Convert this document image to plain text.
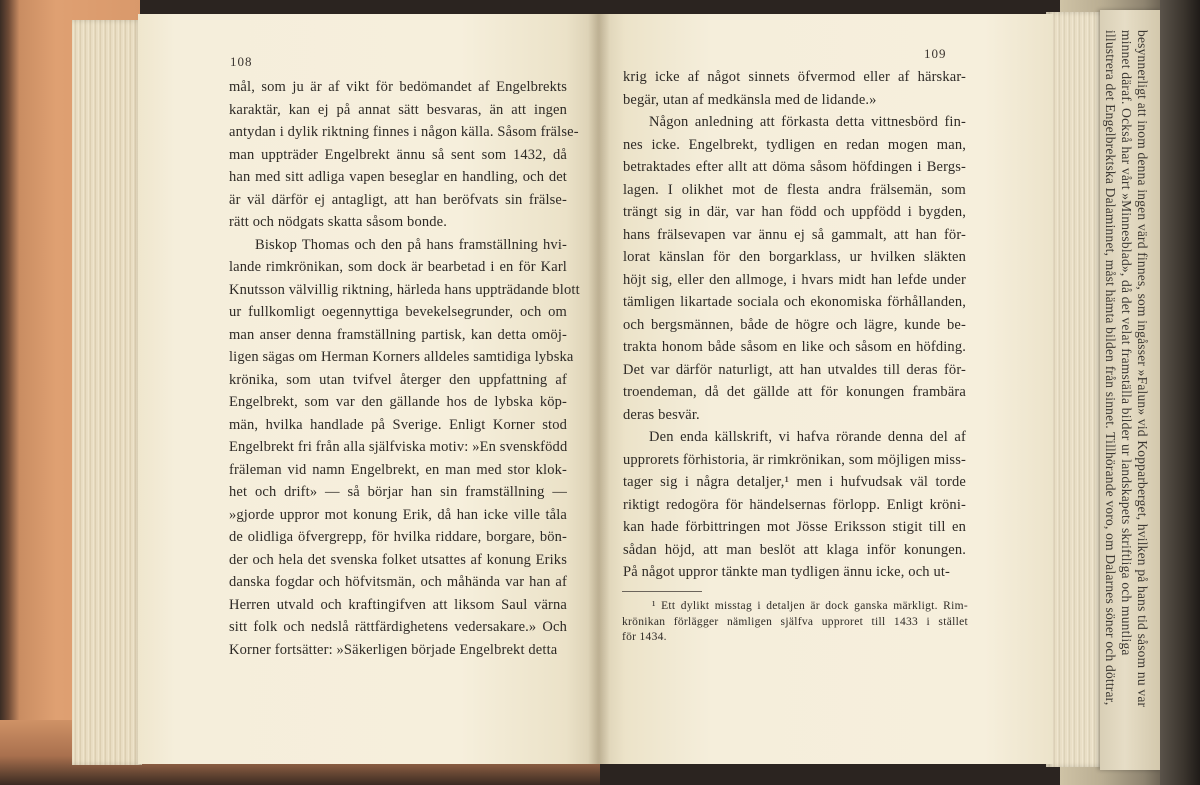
besynnerligt att inom denna ingen värd finnes, som ingåsser »Falun» vid Kopparberget, hvilken på hans tid såsom nu var
minnet däraf. Också har vårt »Minnesblad», då det velat framställa bilder ur landskapets skriftliga och muntliga
illustrera det Engelbrektska Dalaminnet, måst hämta bilden från sinnet. Tillhörande voro, om Dalarnes söner och döttrar,
108
109
mål, som ju är af vikt för bedömandet af Engelbrekts
karaktär, kan ej på annat sätt besvaras, än att ingen
antydan i dylik riktning finnes i någon källa. Såsom frälse-
man uppträder Engelbrekt ännu så sent som 1432, då
han med sitt adliga vapen beseglar en handling, och det
är väl därför ej antagligt, att han beröfvats sin frälse-
rätt och nödgats skatta såsom bonde.
Biskop Thomas och den på hans framställning hvi-
lande rimkrönikan, som dock är bearbetad i en för Karl
Knutsson välvillig riktning, härleda hans uppträdande blott
ur fullkomligt oegennyttiga bevekelsegrunder, och om
man anser denna framställning partisk, kan detta omöj-
ligen sägas om Herman Korners alldeles samtidiga lybska
krönika, som utan tvifvel återger den uppfattning af
Engelbrekt, som var den gällande hos de lybska köp-
män, hvilka handlade på Sverige. Enligt Korner stod
Engelbrekt fri från alla själfviska motiv: »En svenskfödd
fräleman vid namn Engelbrekt, en man med stor klok-
het och drift» — så börjar han sin framställning —
»gjorde uppror mot konung Erik, då han icke ville tåla
de olidliga öfvergrepp, för hvilka riddare, borgare, bön-
der och hela det svenska folket utsattes af konung Eriks
danska fogdar och höfvitsmän, och måhända var han af
Herren utvald och kraftingifven att liksom Saul värna
sitt folk och nedslå rättfärdighetens vedersakare.» Och
Korner fortsätter: »Säkerligen började Engelbrekt detta
krig icke af något sinnets öfvermod eller af härskar-
begär, utan af medkänsla med de lidande.»
Någon anledning att förkasta detta vittnesbörd fin-
nes icke. Engelbrekt, tydligen en redan mogen man,
betraktades efter allt att döma såsom höfdingen i Bergs-
lagen. I olikhet mot de flesta andra frälsemän, som
trängt sig in där, var han född och uppfödd i bygden,
hans frälsevapen var ännu ej så gammalt, att han för-
lorat känslan för den borgarklass, ur hvilken släkten
höjt sig, eller den allmoge, i hvars midt han lefde under
tämligen likartade sociala och ekonomiska förhållanden,
och bergsmännen, både de högre och lägre, kunde be-
trakta honom både såsom en like och såsom en höfding.
Det var därför naturligt, att han utvaldes till deras för-
troendeman, då det gällde att för konungen frambära
deras besvär.
Den enda källskrift, vi hafva rörande denna del af
upprorets förhistoria, är rimkrönikan, som möjligen miss-
tager sig i några detaljer,¹ men i hufvudsak väl torde
riktigt redogöra för händelsernas förlopp. Enligt kröni-
kan hade förbittringen mot Jösse Eriksson stigit till en
sådan höjd, att man beslöt att klaga inför konungen.
På något uppror tänkte man tydligen ännu icke, och ut-
¹ Ett dylikt misstag i detaljen är dock ganska märkligt. Rim-
krönikan förlägger nämligen själfva upproret till 1433 i stället
för 1434.
